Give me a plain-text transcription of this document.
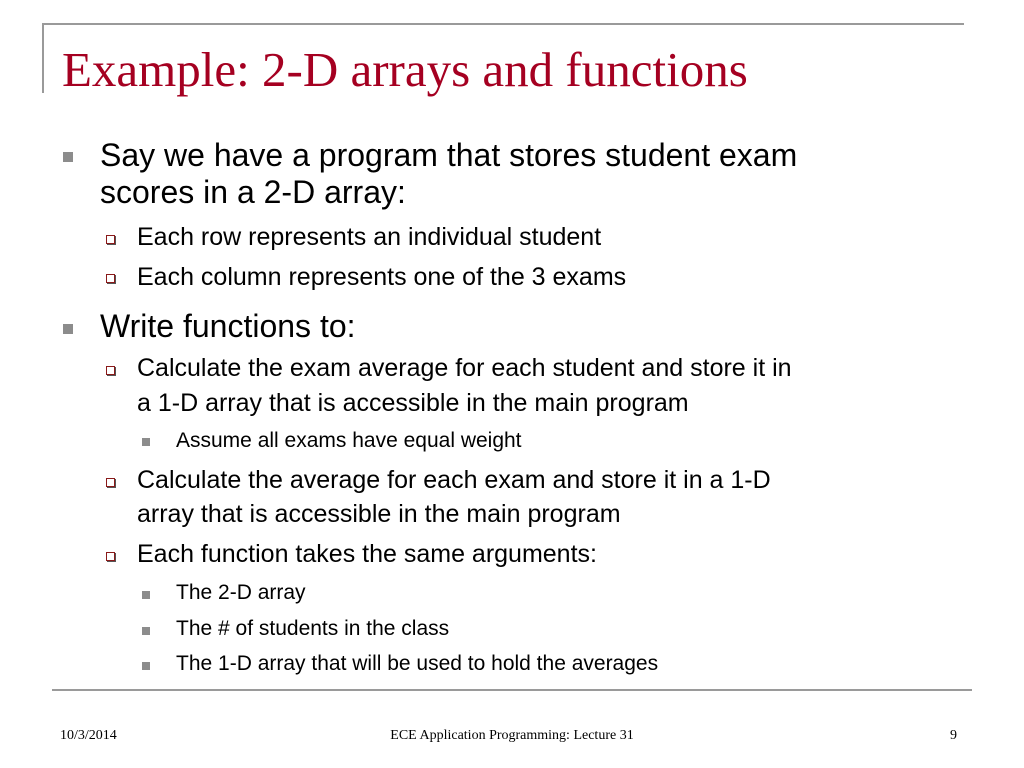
Example: 2-D arrays and functions
Say we have a program that stores student exam
scores in a 2-D array:
Each row represents an individual student
Each column represents one of the 3 exams
Write functions to:
Calculate the exam average for each student and store it in
a 1-D array that is accessible in the main program
Assume all exams have equal weight
Calculate the average for each exam and store it in a 1-D
array that is accessible in the main program
Each function takes the same arguments:
The 2-D array
The # of students in the class
The 1-D array that will be used to hold the averages
10/3/2014	ECE Application Programming: Lecture 31	9
